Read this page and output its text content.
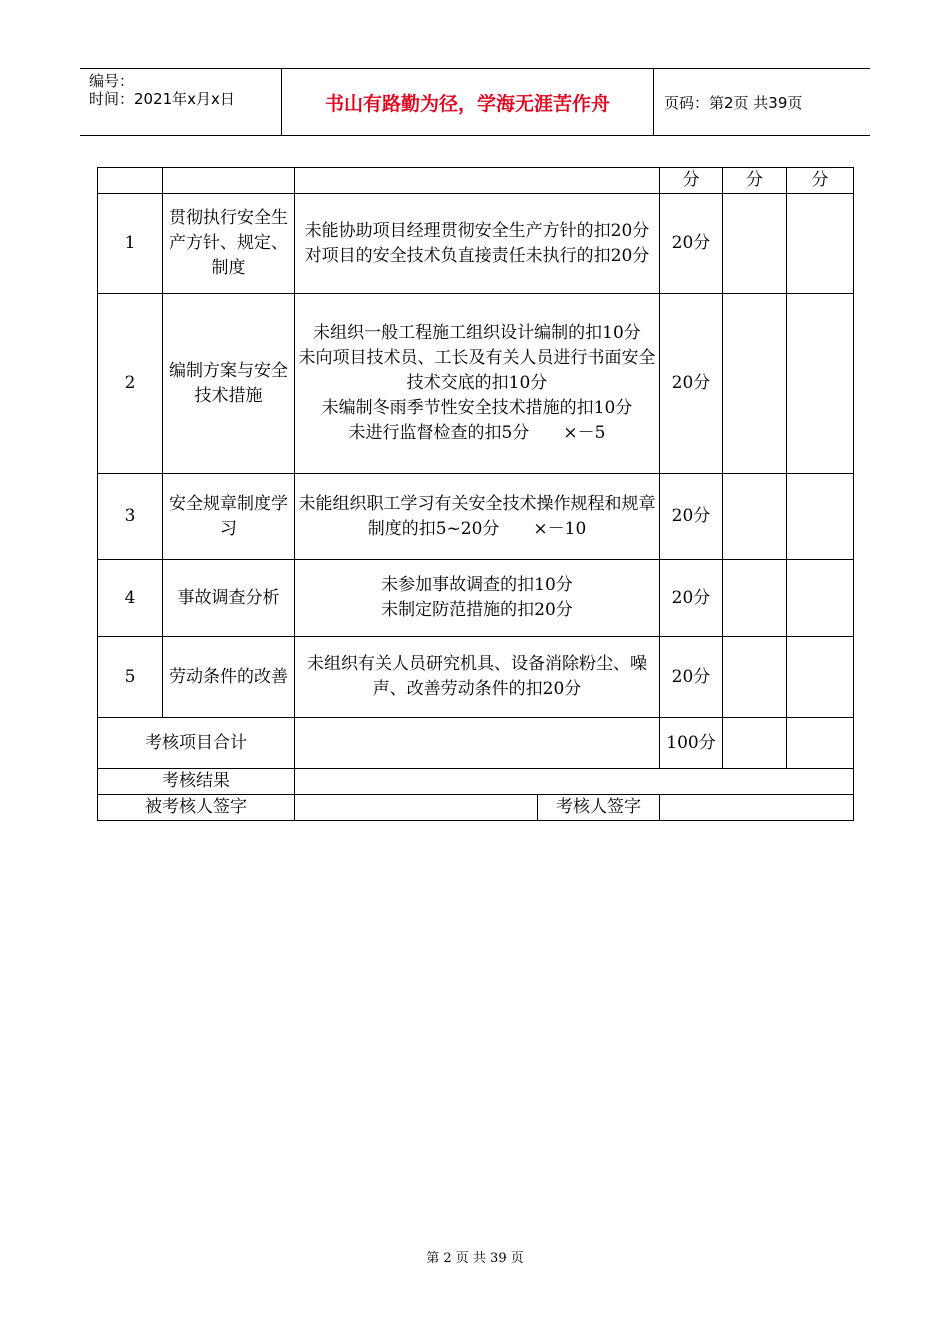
编号：
时间：2021年x月x日	书山有路勤为径，学海无涯苦作舟	页码：第2页 共39页
			分	分	分
1	贯彻执行安全生产方针、规定、制度	未能协助项目经理贯彻安全生产方针的扣20分
对项目的安全技术负直接责任未执行的扣20分	20分		
2	编制方案与安全技术措施	未组织一般工程施工组织设计编制的扣10分
未向项目技术员、工长及有关人员进行书面安全技术交底的扣10分
未编制冬雨季节性安全技术措施的扣10分
未进行监督检查的扣5分　　×－5	20分		
3	安全规章制度学习	未能组织职工学习有关安全技术操作规程和规章制度的扣5~20分　　×－10	20分		
4	事故调查分析	未参加事故调查的扣10分
未制定防范措施的扣20分	20分		
5	劳动条件的改善	未组织有关人员研究机具、设备消除粉尘、噪声、改善劳动条件的扣20分	20分		
考核项目合计			100分		
考核结果					
被考核人签字		考核人签字			

第 2 页 共 39 页
